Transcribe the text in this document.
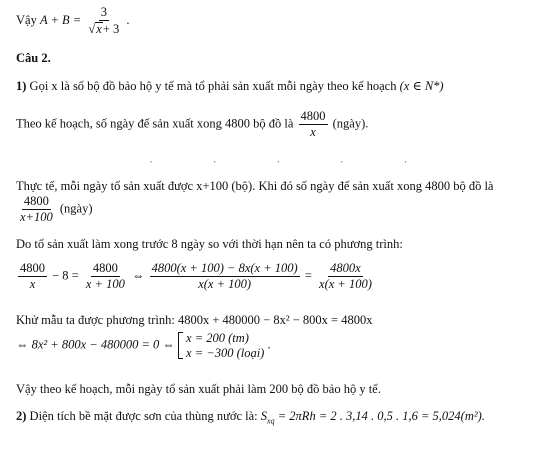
Vậy $A + B = \frac{3}{√x+ 3}$ .
Câu 2.
1) Gọi x là số bộ đồ bảo hộ y tế mà tổ phải sản xuất mỗi ngày theo kế hoạch (x ∈ N*)
Theo kế hoạch, số ngày để sản xuất xong 4800 bộ đồ là $\frac{4800}{x}$ (ngày).
• • • • •
Thực tế, mỗi ngày tổ sản xuất được x+100 (bộ). Khi đó số ngày để sản xuất xong 4800 bộ đồ là
$\frac{4800}{x+100}$ (ngày)
Do tổ sản xuất làm xong trước 8 ngày so với thời hạn nên ta có phương trình:
$\frac{4800}{x} - 8 = \frac{4800}{x + 100}$ ⇔ $\frac{4800(x + 100) - 8x(x + 100)}{x(x + 100)} = \frac{4800x}{x(x + 100)}$
Khử mẫu ta được phương trình: 4800x + 480000 − 8x² − 800x = 4800x
⇔ 8x² + 800x − 480000 = 0 ⇔ x = 200 (tm)
x = −300 (loại)
.
Vậy theo kế hoạch, mỗi ngày tổ sản xuất phải làm 200 bộ đồ bảo hộ y tế.
2) Diện tích bề mặt được sơn của thùng nước là: $S_{xq} = 2\pi Rh = 2$ . 3,14 . 0,5 . 1,6 = 5,024(m²).
